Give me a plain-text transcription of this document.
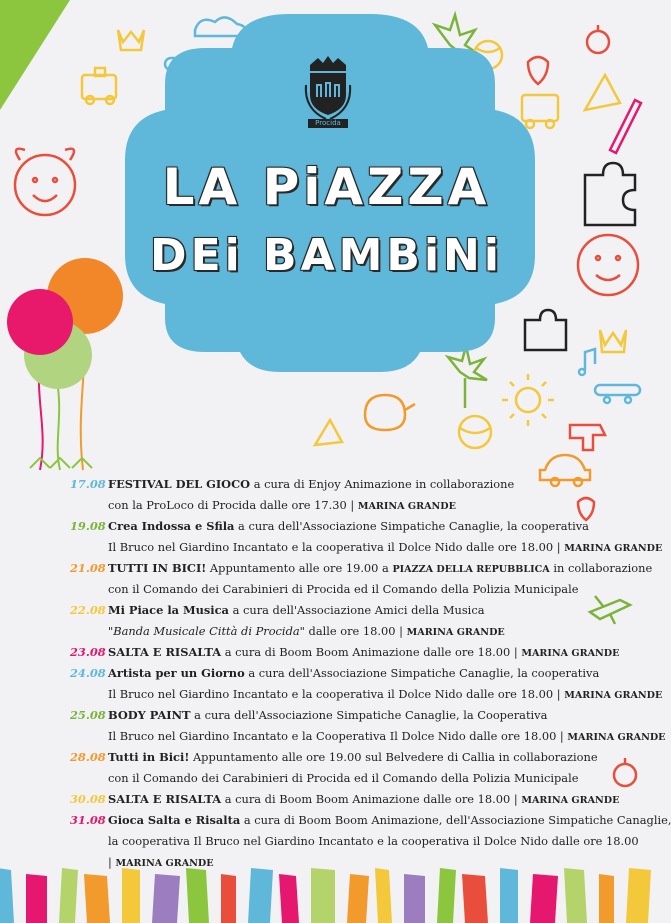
Procida
LA PiAZZA
DEi BAMBiNi
17.08 FESTIVAL DEL GIOCO a cura di Enjoy Animazione in collaborazione
con la ProLoco di Procida dalle ore 17.30 | MARINA GRANDE
19.08 Crea Indossa e Sfila a cura dell'Associazione Simpatiche Canaglie, la cooperativa
Il Bruco nel Giardino Incantato e la cooperativa il Dolce Nido dalle ore 18.00 | MARINA GRANDE
21.08 TUTTI IN BICI! Appuntamento alle ore 19.00 a PIAZZA DELLA REPUBBLICA in collaborazione
con il Comando dei Carabinieri di Procida ed il Comando della Polizia Municipale
22.08 Mi Piace la Musica a cura dell'Associazione Amici della Musica
"Banda Musicale Città di Procida" dalle ore 18.00 | MARINA GRANDE
23.08 SALTA E RISALTA a cura di Boom Boom Animazione dalle ore 18.00 | MARINA GRANDE
24.08 Artista per un Giorno a cura dell'Associazione Simpatiche Canaglie, la cooperativa
Il Bruco nel Giardino Incantato e la cooperativa il Dolce Nido dalle ore 18.00 | MARINA GRANDE
25.08 BODY PAINT a cura dell'Associazione Simpatiche Canaglie, la Cooperativa
Il Bruco nel Giardino Incantato e la Cooperativa Il Dolce Nido dalle ore 18.00 | MARINA GRANDE
28.08 Tutti in Bici! Appuntamento alle ore 19.00 sul Belvedere di Callia in collaborazione
con il Comando dei Carabinieri di Procida ed il Comando della Polizia Municipale
30.08 SALTA E RISALTA a cura di Boom Boom Animazione dalle ore 18.00 | MARINA GRANDE
31.08 Gioca Salta e Risalta a cura di Boom Boom Animazione, dell'Associazione Simpatiche Canaglie,
la cooperativa Il Bruco nel Giardino Incantato e la cooperativa il Dolce Nido dalle ore 18.00
| MARINA GRANDE
